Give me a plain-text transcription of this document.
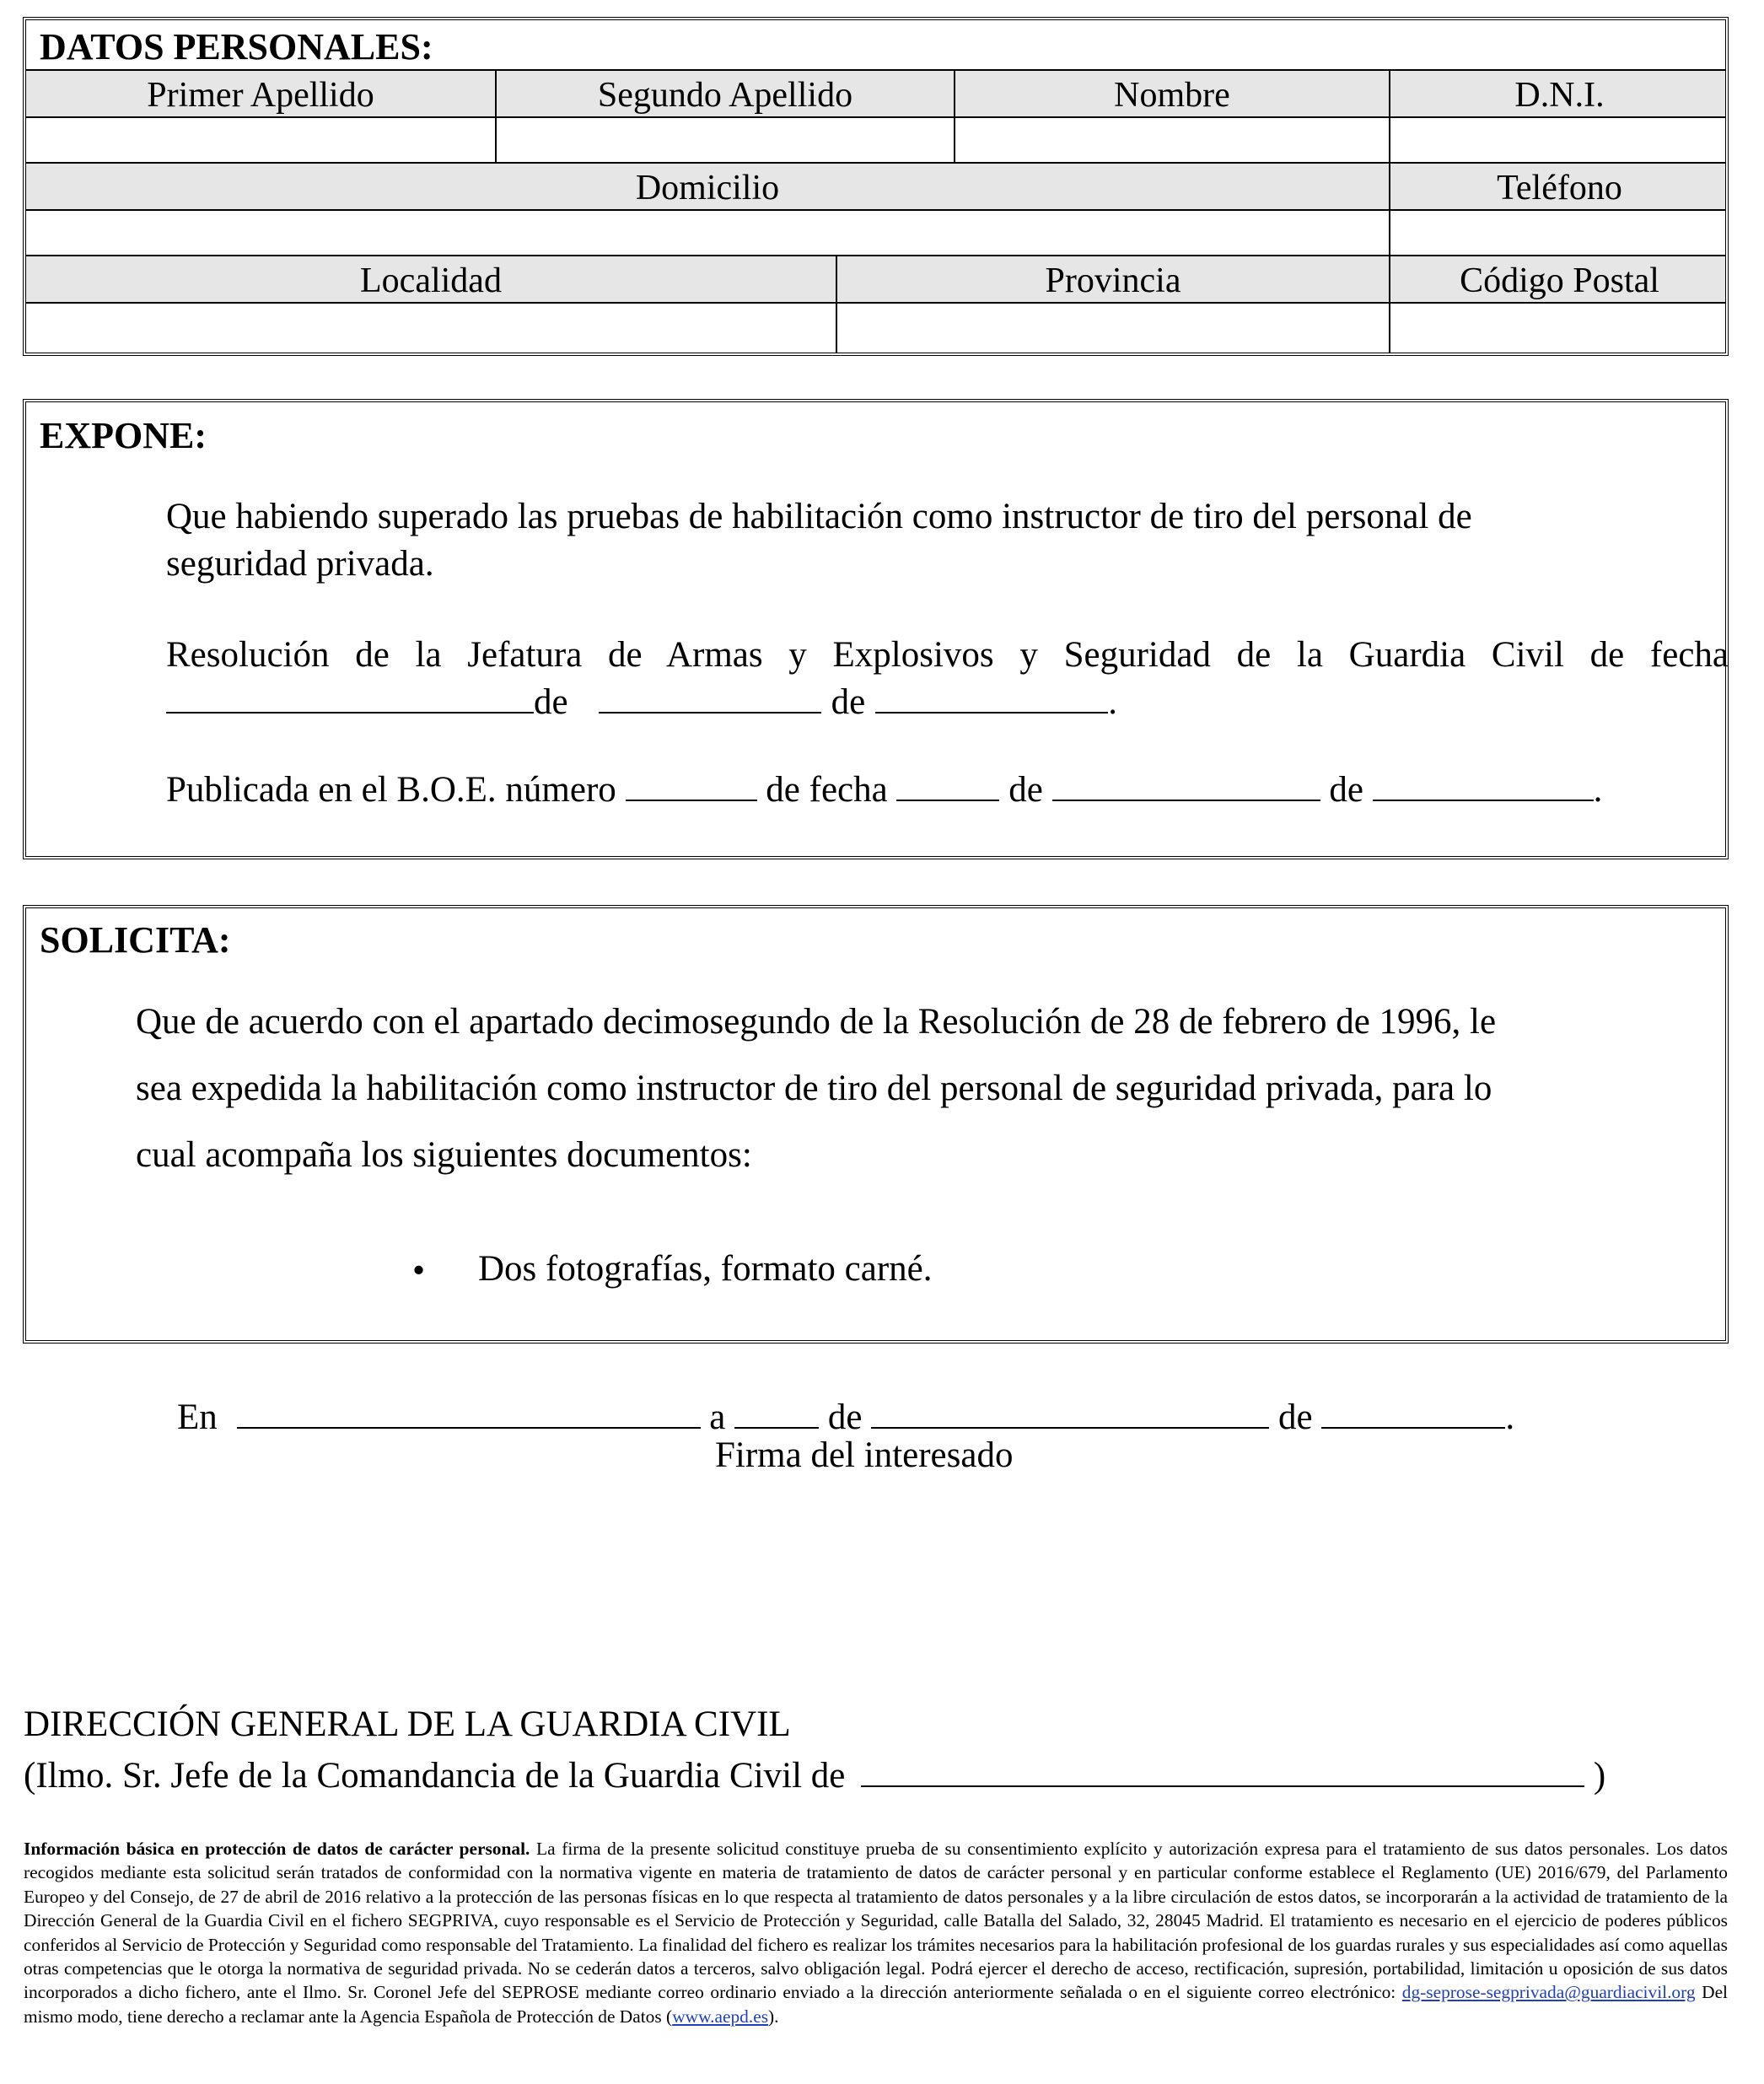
DATOS PERSONALES:
Primer Apellido	Segundo Apellido	Nombre	D.N.I.
Domicilio	Teléfono
Localidad	Provincia	Código Postal
EXPONE:
Que habiendo superado las pruebas de habilitación como instructor de tiro del personal de seguridad privada.
Resolución de la Jefatura de Armas y Explosivos y Seguridad de la Guardia Civil de fecha
de	de	.
Publicada en el B.O.E. número	de fecha	de	de	.
SOLICITA:
Que de acuerdo con el apartado decimosegundo de la Resolución de 28 de febrero de 1996, le
sea expedida la habilitación como instructor de tiro del personal de seguridad privada, para lo
cual acompaña los siguientes documentos:
• Dos fotografías, formato carné.
En	a	de	de	.
Firma del interesado
DIRECCIÓN GENERAL DE LA GUARDIA CIVIL
(Ilmo. Sr. Jefe de la Comandancia de la Guardia Civil de	)
Información básica en protección de datos de carácter personal. La firma de la presente solicitud constituye prueba de su consentimiento explícito y autorización expresa para el tratamiento de sus datos personales. Los datos recogidos mediante esta solicitud serán tratados de conformidad con la normativa vigente en materia de tratamiento de datos de carácter personal y en particular conforme establece el Reglamento (UE) 2016/679, del Parlamento Europeo y del Consejo, de 27 de abril de 2016 relativo a la protección de las personas físicas en lo que respecta al tratamiento de datos personales y a la libre circulación de estos datos, se incorporarán a la actividad de tratamiento de la Dirección General de la Guardia Civil en el fichero SEGPRIVA, cuyo responsable es el Servicio de Protección y Seguridad, calle Batalla del Salado, 32, 28045 Madrid. El tratamiento es necesario en el ejercicio de poderes públicos conferidos al Servicio de Protección y Seguridad como responsable del Tratamiento. La finalidad del fichero es realizar los trámites necesarios para la habilitación profesional de los guardas rurales y sus especialidades así como aquellas otras competencias que le otorga la normativa de seguridad privada. No se cederán datos a terceros, salvo obligación legal. Podrá ejercer el derecho de acceso, rectificación, supresión, portabilidad, limitación u oposición de sus datos incorporados a dicho fichero, ante el Ilmo. Sr. Coronel Jefe del SEPROSE mediante correo ordinario enviado a la dirección anteriormente señalada o en el siguiente correo electrónico: dg-seprose-segprivada@guardiacivil.org Del mismo modo, tiene derecho a reclamar ante la Agencia Española de Protección de Datos (www.aepd.es).
